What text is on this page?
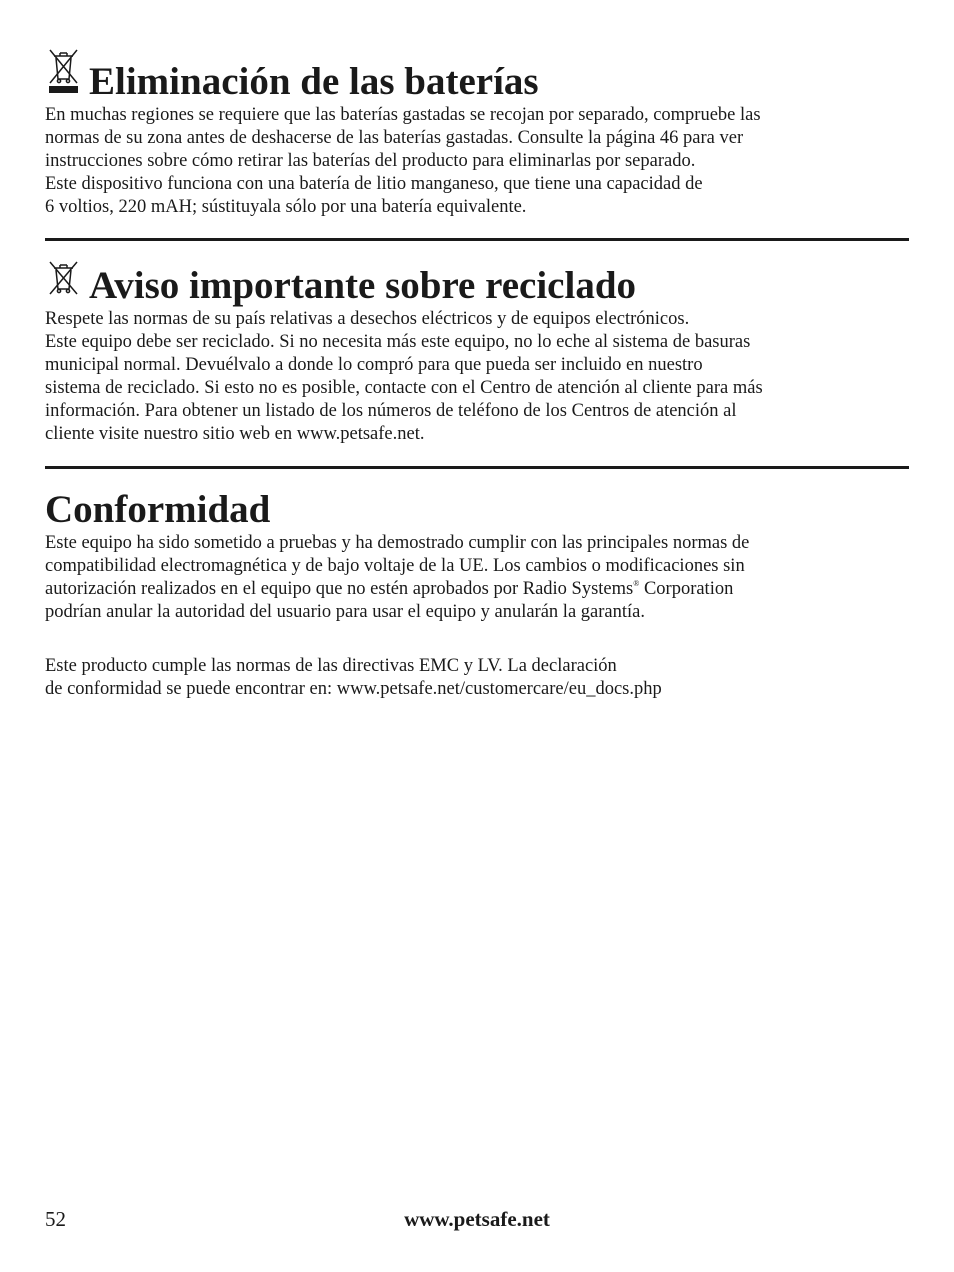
Eliminación de las baterías

En muchas regiones se requiere que las baterías gastadas se recojan por separado, compruebe las
normas de su zona antes de deshacerse de las baterías gastadas. Consulte la página 46 para ver
instrucciones sobre cómo retirar las baterías del producto para eliminarlas por separado.
Este dispositivo funciona con una batería de litio manganeso, que tiene una capacidad de
6 voltios, 220 mAH; sústituyala sólo por una batería equivalente.

Aviso importante sobre reciclado

Respete las normas de su país relativas a desechos eléctricos y de equipos electrónicos.
Este equipo debe ser reciclado. Si no necesita más este equipo, no lo eche al sistema de basuras
municipal normal. Devuélvalo a donde lo compró para que pueda ser incluido en nuestro
sistema de reciclado. Si esto no es posible, contacte con el Centro de atención al cliente para más
información. Para obtener un listado de los números de teléfono de los Centros de atención al
cliente visite nuestro sitio web en www.petsafe.net.

Conformidad

Este equipo ha sido sometido a pruebas y ha demostrado cumplir con las principales normas de
compatibilidad electromagnética y de bajo voltaje de la UE. Los cambios o modificaciones sin
autorización realizados en el equipo que no estén aprobados por Radio Systems® Corporation
podrían anular la autoridad del usuario para usar el equipo y anularán la garantía.

Este producto cumple las normas de las directivas EMC y LV. La declaración
de conformidad se puede encontrar en: www.petsafe.net/customercare/eu_docs.php

52	www.petsafe.net
